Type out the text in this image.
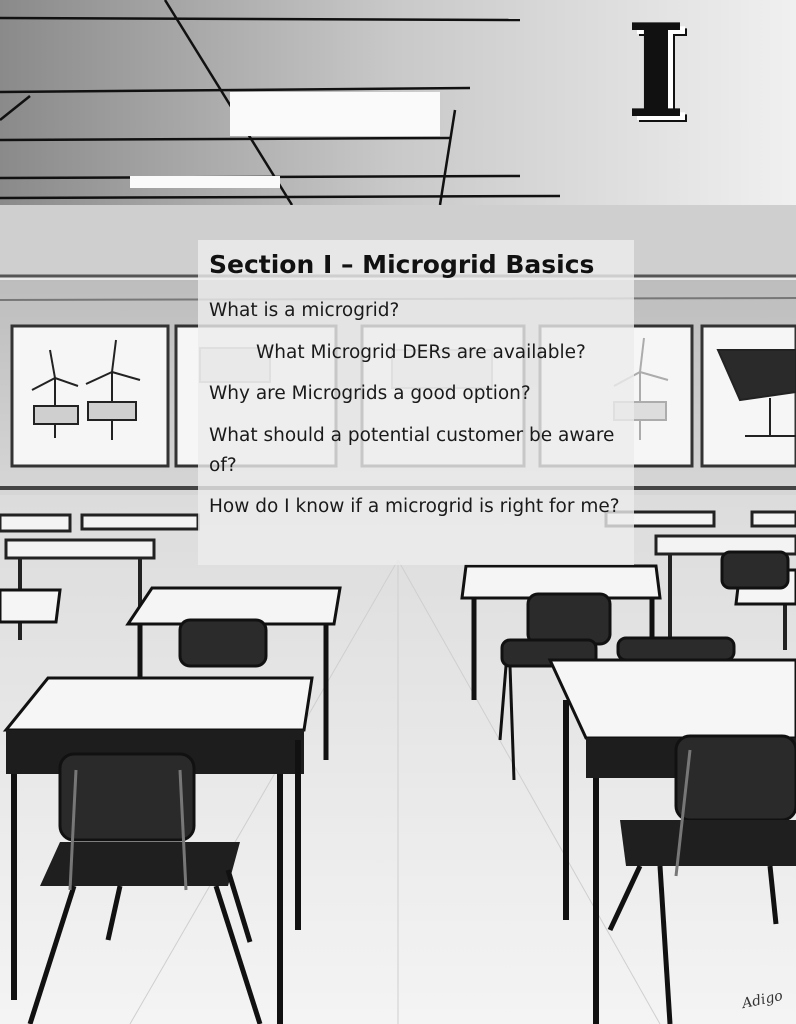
I
Section I – Microgrid Basics
What is a microgrid?
What Microgrid DERs are available?
Why are Microgrids a good option?
What should a potential customer be aware of?
How do I know if a microgrid is right for me?
Adigo
